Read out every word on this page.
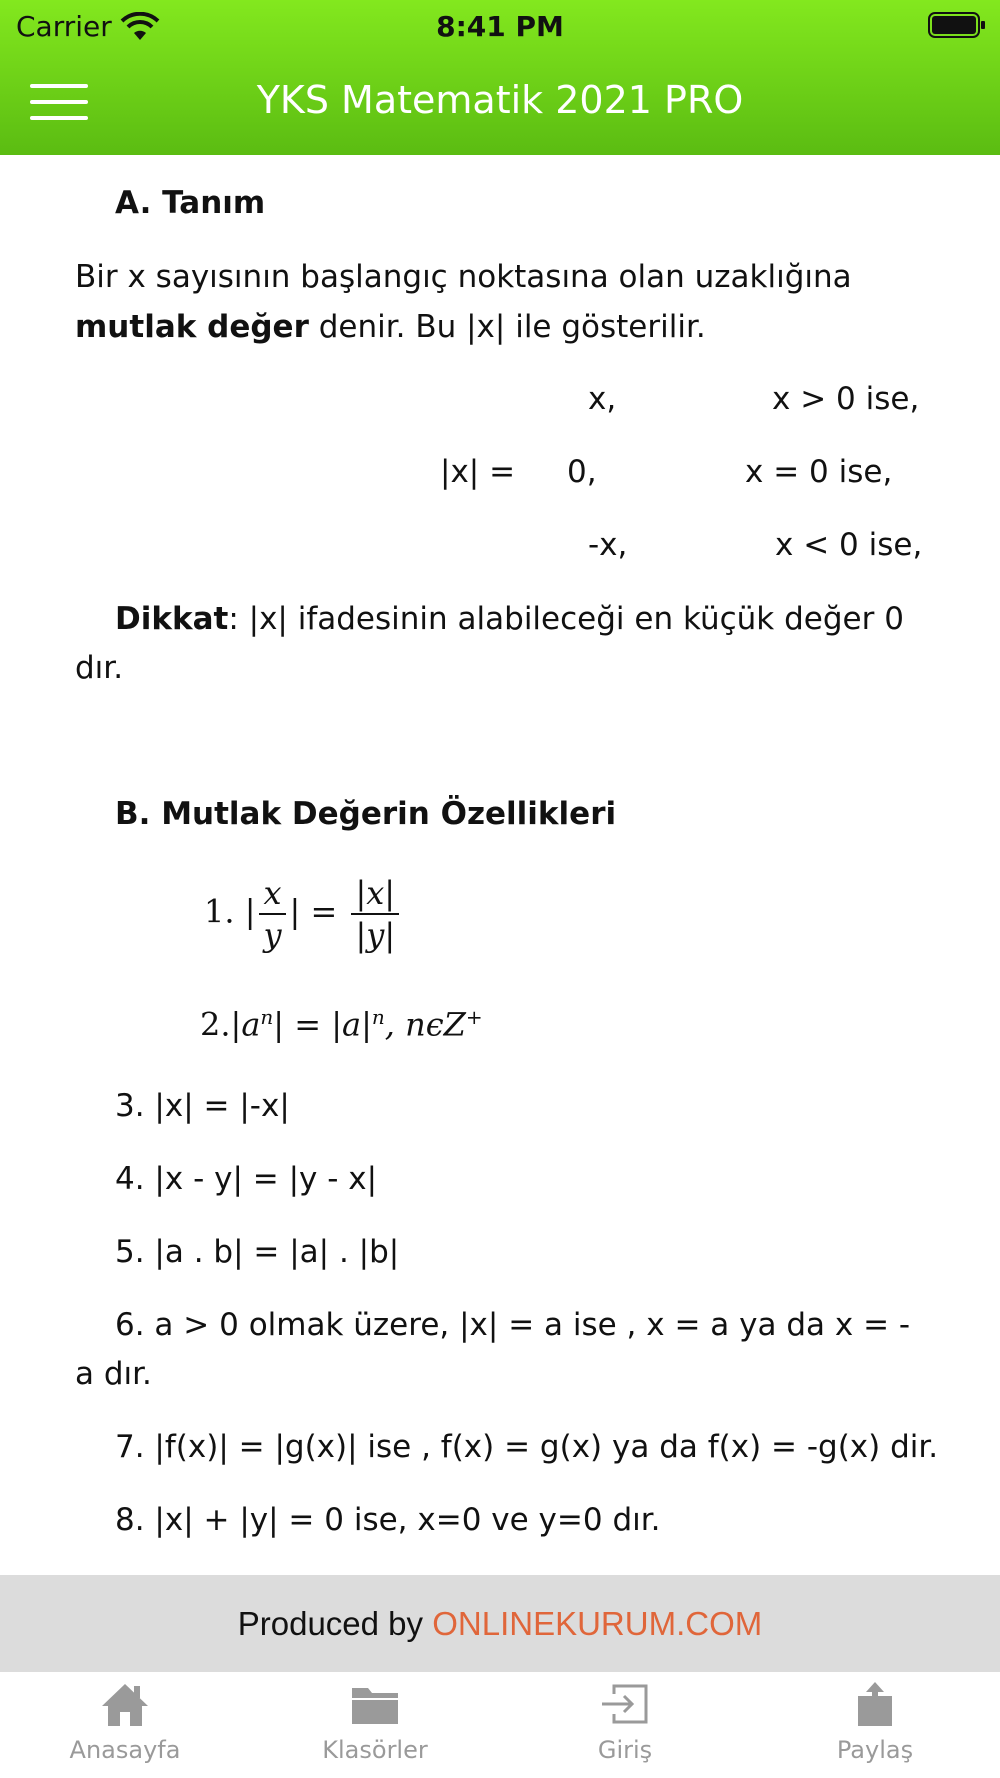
Carrier	8:41 PM
YKS Matematik 2021 PRO
A. Tanım
Bir x sayısının başlangıç noktasına olan uzaklığına
mutlak değer denir. Bu |x| ile gösterilir.
x,	x > 0 ise,
|x| = 0,	x = 0 ise,
-x,	x < 0 ise,
Dikkat: |x| ifadesinin alabileceği en küçük değer 0
dır.
B. Mutlak Değerin Özellikleri
1. | $\frac{x}{y}$ | = $\frac{|x|}{|y|}$
$2.|a^n| = |a|^n$, nϵZ+
3. |x| = |-x|
4. |x - y| = |y - x|
5. |a . b| = |a| . |b|
6. a > 0 olmak üzere, |x| = a ise , x = a ya da x = -
a dır.
7. |f(x)| = |g(x)| ise , f(x) = g(x) ya da f(x) = -g(x) dir.
8. |x| + |y| = 0 ise, x=0 ve y=0 dır.
Produced by ONLINEKURUM.COM
Anasayfa	Klasörler	Giriş	Paylaş
